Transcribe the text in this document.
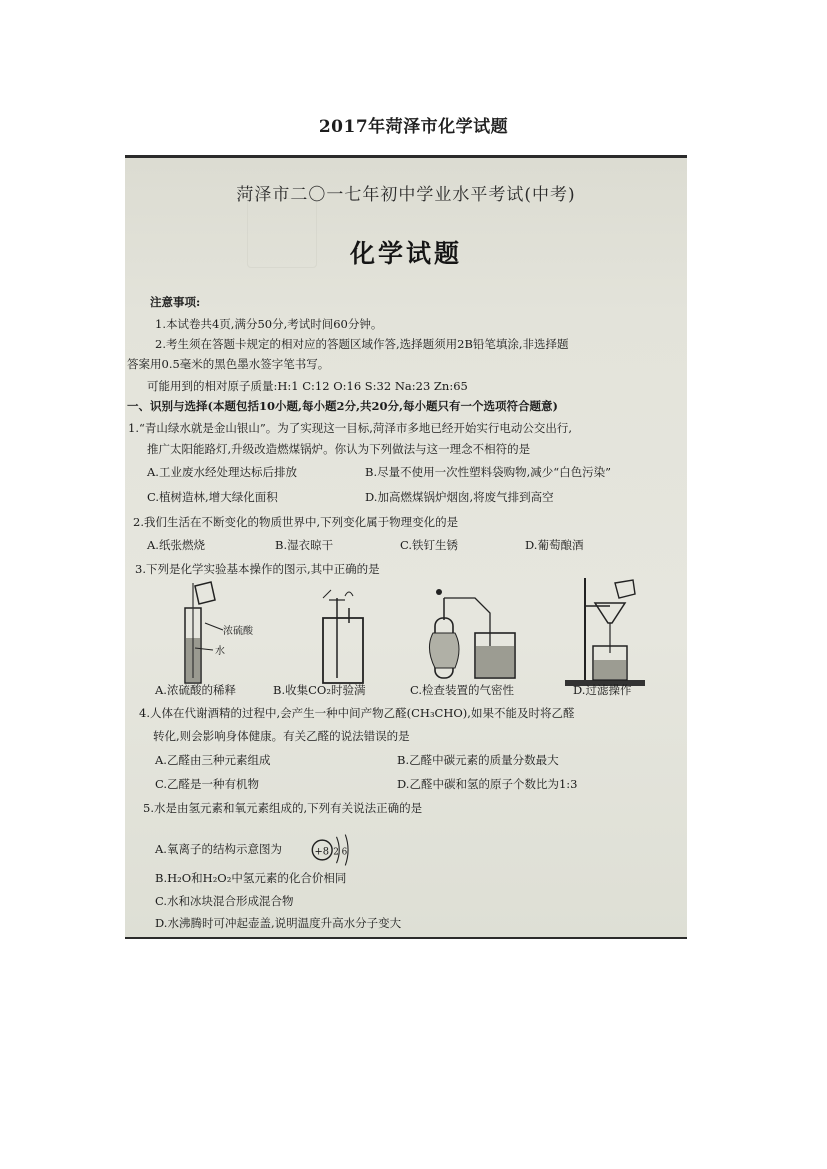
2017年菏泽市化学试题
菏泽市二〇一七年初中学业水平考试(中考)
化学试题
注意事项:
1.本试卷共4页,满分50分,考试时间60分钟。
2.考生须在答题卡规定的相对应的答题区域作答,选择题须用2B铅笔填涂,非选择题
答案用0.5毫米的黑色墨水签字笔书写。
可能用到的相对原子质量:H:1 C:12 O:16 S:32 Na:23 Zn:65
一、识别与选择(本题包括10小题,每小题2分,共20分,每小题只有一个选项符合题意)
1.“青山绿水就是金山银山”。为了实现这一目标,菏泽市多地已经开始实行电动公交出行,
推广太阳能路灯,升级改造燃煤锅炉。你认为下列做法与这一理念不相符的是
A.工业废水经处理达标后排放	B.尽量不使用一次性塑料袋购物,减少“白色污染”
C.植树造林,增大绿化面积	D.加高燃煤锅炉烟囱,将废气排到高空
2.我们生活在不断变化的物质世界中,下列变化属于物理变化的是
A.纸张燃烧	B.湿衣晾干	C.铁钉生锈	D.葡萄酿酒
3.下列是化学实验基本操作的图示,其中正确的是
浓硫酸
水
A.浓硫酸的稀释	B.收集CO₂时验满	C.检查装置的气密性	D.过滤操作
4.人体在代谢酒精的过程中,会产生一种中间产物乙醛(CH₃CHO),如果不能及时将乙醛
转化,则会影响身体健康。有关乙醛的说法错误的是
A.乙醛由三种元素组成	B.乙醛中碳元素的质量分数最大
C.乙醛是一种有机物	D.乙醛中碳和氢的原子个数比为1:3
5.水是由氢元素和氧元素组成的,下列有关说法正确的是
A.氧离子的结构示意图为	+8 2 6
B.H₂O和H₂O₂中氢元素的化合价相同
C.水和冰块混合形成混合物
D.水沸腾时可冲起壶盖,说明温度升高水分子变大
